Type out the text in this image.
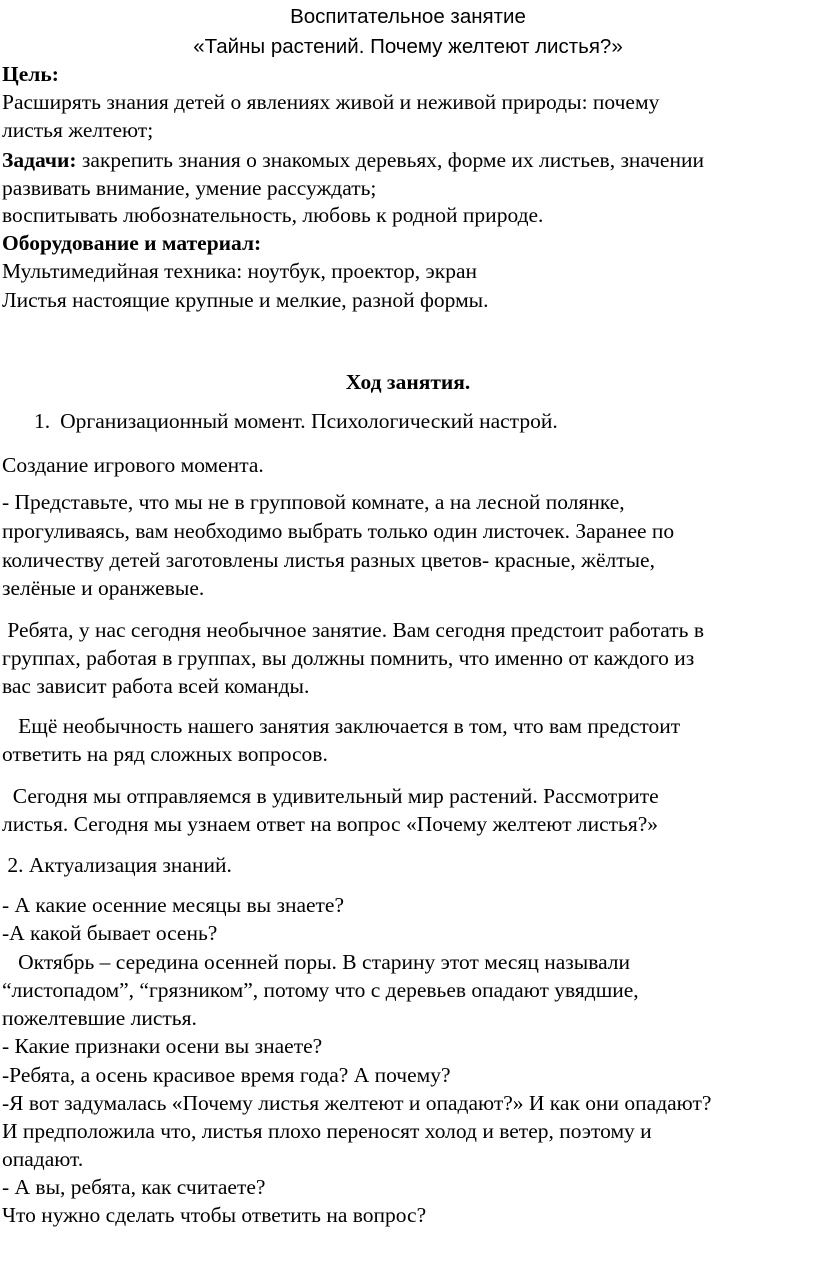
Воспитательное занятие
«Тайны растений. Почему желтеют листья?»
Цель:
Расширять знания детей о явлениях живой и неживой природы: почему
листья желтеют;
Задачи: закрепить знания о знакомых деревьях, форме их листьев, значении
развивать внимание, умение рассуждать;
воспитывать любознательность, любовь к родной природе.
Оборудование и материал:
Мультимедийная техника: ноутбук, проектор, экран
Листья настоящие крупные и мелкие, разной формы.
Ход занятия.
1. Организационный момент. Психологический настрой.
Создание игрового момента.
- Представьте, что мы не в групповой комнате, а на лесной полянке,
прогуливаясь, вам необходимо выбрать только один листочек. Заранее по
количеству детей заготовлены листья разных цветов- красные, жёлтые,
зелёные и оранжевые.
Ребята, у нас сегодня необычное занятие. Вам сегодня предстоит работать в
группах, работая в группах, вы должны помнить, что именно от каждого из
вас зависит работа всей команды.
Ещё необычность нашего занятия заключается в том, что вам предстоит
ответить на ряд сложных вопросов.
Сегодня мы отправляемся в удивительный мир растений. Рассмотрите
листья. Сегодня мы узнаем ответ на вопрос «Почему желтеют листья?»
2. Актуализация знаний.
- А какие осенние месяцы вы знаете?
-А какой бывает осень?
Октябрь – середина осенней поры. В старину этот месяц называли
“листопадом”, “грязником”, потому что с деревьев опадают увядшие,
пожелтевшие листья.
- Какие признаки осени вы знаете?
-Ребята, а осень красивое время года? А почему?
-Я вот задумалась «Почему листья желтеют и опадают?» И как они опадают?
И предположила что, листья плохо переносят холод и ветер, поэтому и
опадают.
- А вы, ребята, как считаете?
Что нужно сделать чтобы ответить на вопрос?
